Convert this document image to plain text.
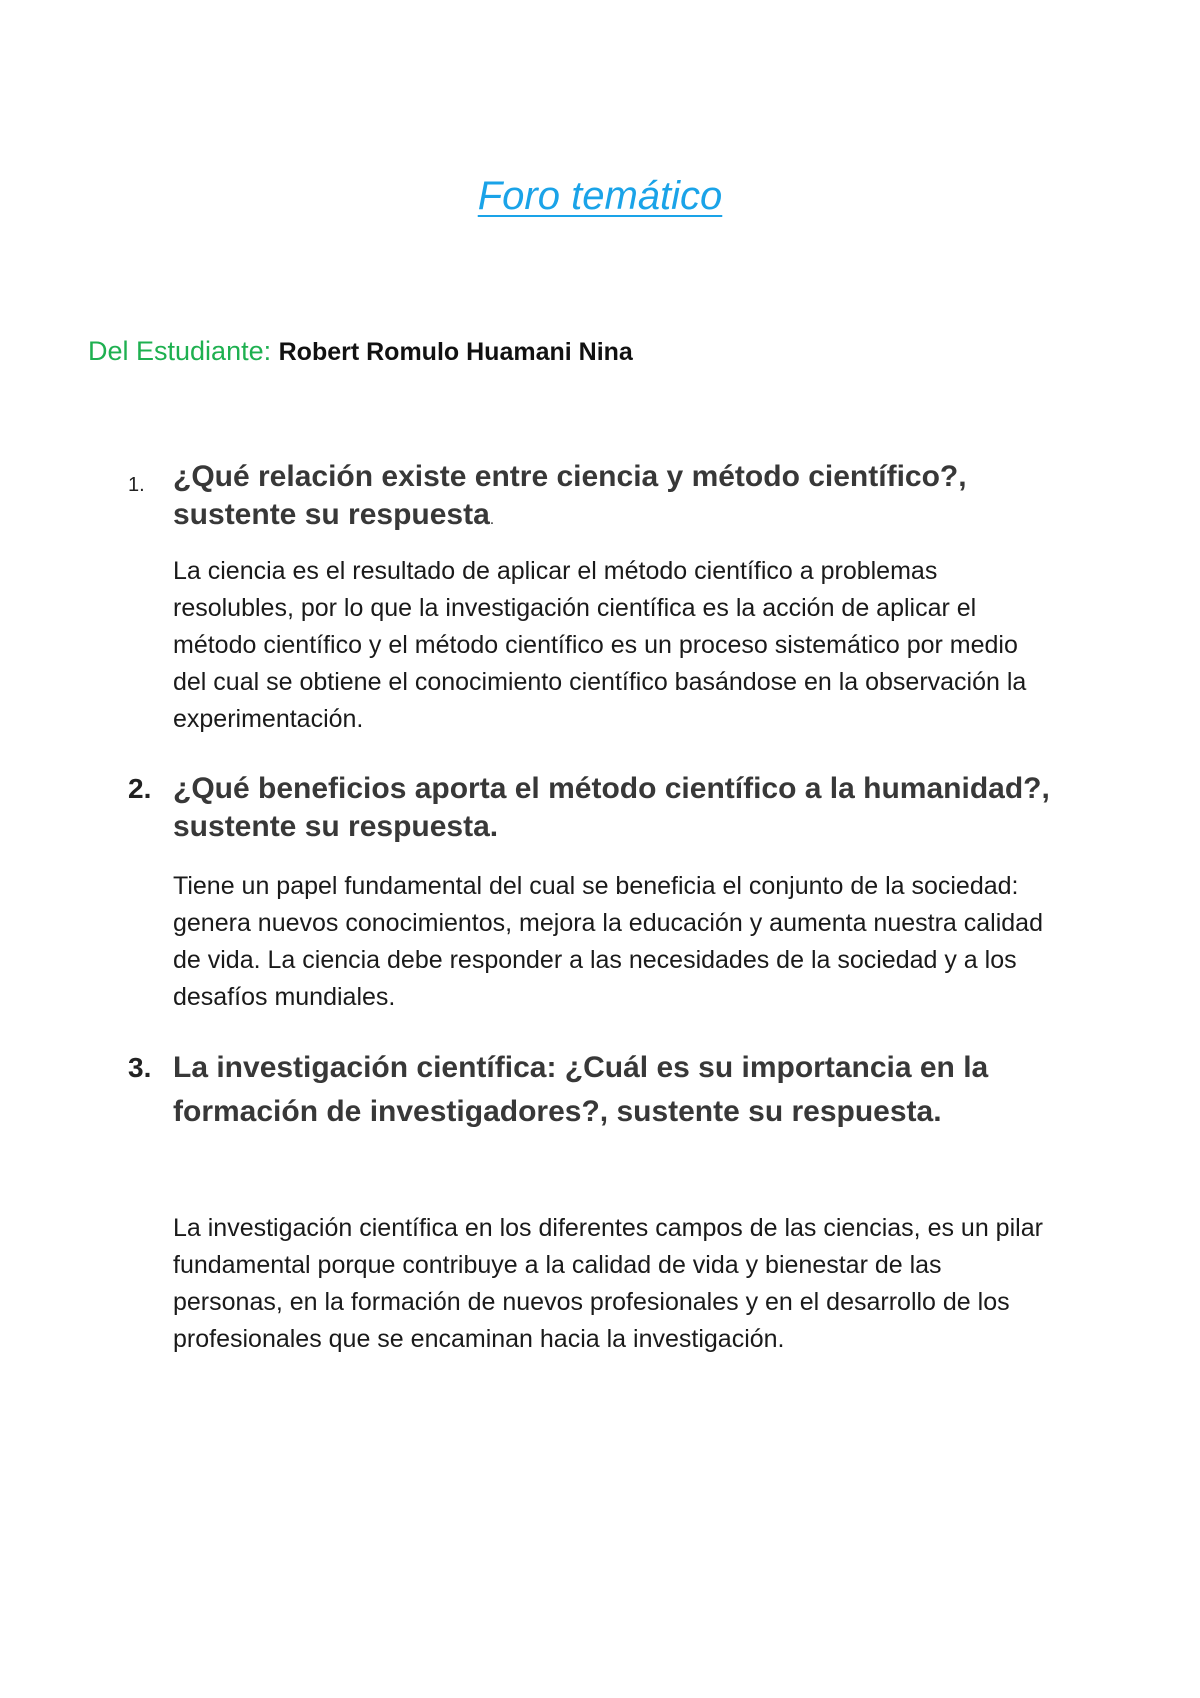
Foro temático
Del Estudiante: Robert Romulo Huamani Nina
1. ¿Qué relación existe entre ciencia y método científico?, sustente su respuesta.

La ciencia es el resultado de aplicar el método científico a problemas resolubles, por lo que la investigación científica es la acción de aplicar el método científico y el método científico es un proceso sistemático por medio del cual se obtiene el conocimiento científico basándose en la observación la experimentación.

2. ¿Qué beneficios aporta el método científico a la humanidad?, sustente su respuesta.

Tiene un papel fundamental del cual se beneficia el conjunto de la sociedad: genera nuevos conocimientos, mejora la educación y aumenta nuestra calidad de vida. La ciencia debe responder a las necesidades de la sociedad y a los desafíos mundiales.

3. La investigación científica: ¿Cuál es su importancia en la formación de investigadores?, sustente su respuesta.

La investigación científica en los diferentes campos de las ciencias, es un pilar fundamental porque contribuye a la calidad de vida y bienestar de las personas, en la formación de nuevos profesionales y en el desarrollo de los profesionales que se encaminan hacia la investigación.
